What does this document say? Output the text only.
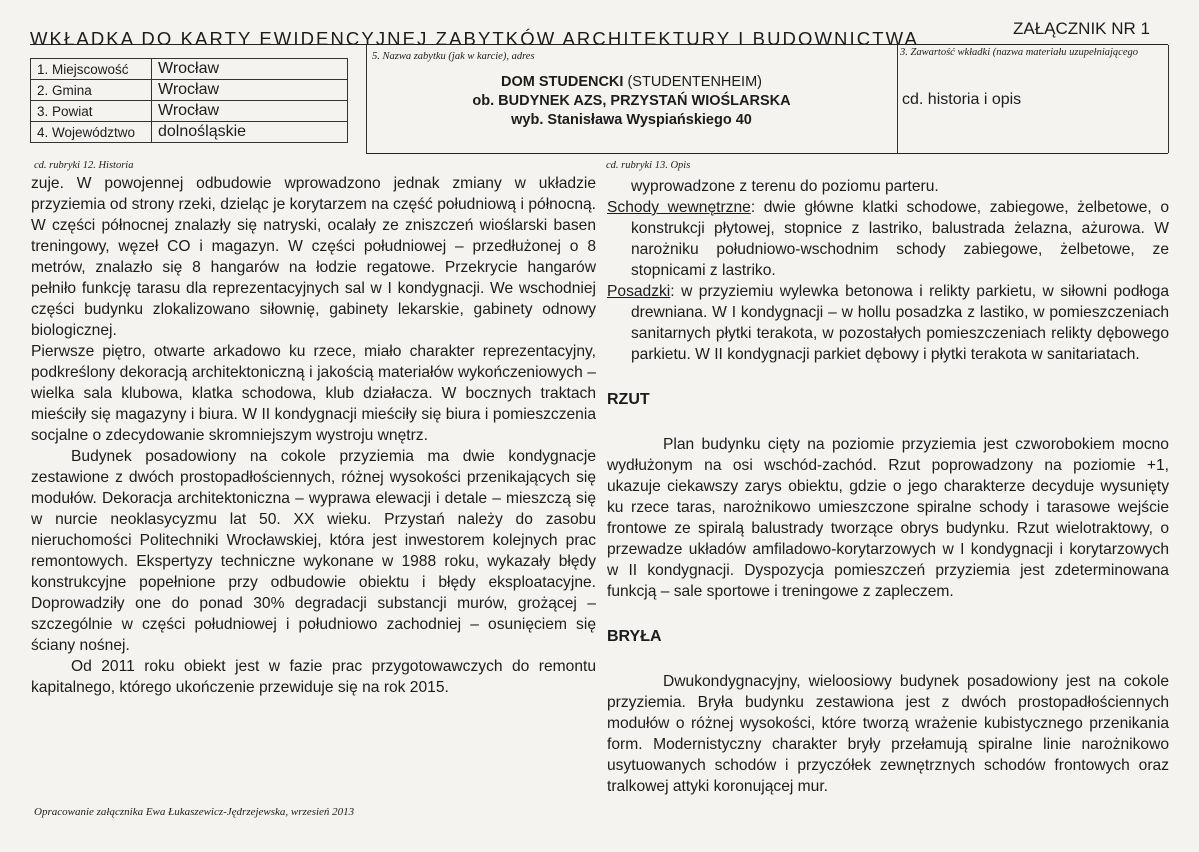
WKŁADKA DO KARTY EWIDENCYJNEJ ZABYTKÓW ARCHITEKTURY I BUDOWNICTWA	ZAŁĄCZNIK NR 1
1. Miejscowość	Wrocław
2. Gmina	Wrocław
3. Powiat	Wrocław
4. Województwo	dolnośląskie
5. Nazwa zabytku (jak w karcie), adres
DOM STUDENCKI (STUDENTENHEIM)
ob. BUDYNEK AZS, PRZYSTAŃ WIOŚLARSKA
wyb. Stanisława Wyspiańskiego 40
3. Zawartość wkładki (nazwa materiału uzupełniającego
cd. historia i opis
cd. rubryki 12. Historia

zuje. W powojennej odbudowie wprowadzono jednak zmiany w układzie przyziemia od strony rzeki, dzieląc je korytarzem na część południową i północną. W części północnej znalazły się natryski, ocalały ze zniszczeń wioślarski basen treningowy, węzeł CO i magazyn. W części południowej – przedłużonej o 8 metrów, znalazło się 8 hangarów na łodzie regatowe. Przekrycie hangarów pełniło funkcję tarasu dla reprezentacyjnych sal w I kondygnacji. We wschodniej części budynku zlokalizowano siłownię, gabinety lekarskie, gabinety odnowy biologicznej.

Pierwsze piętro, otwarte arkadowo ku rzece, miało charakter reprezentacyjny, podkreślony dekoracją architektoniczną i jakością materiałów wykończeniowych – wielka sala klubowa, klatka schodowa, klub działacza. W bocznych traktach mieściły się magazyny i biura. W II kondygnacji mieściły się biura i pomieszczenia socjalne o zdecydowanie skromniejszym wystroju wnętrz.

Budynek posadowiony na cokole przyziemia ma dwie kondygnacje zestawione z dwóch prostopadłościennych, różnej wysokości przenikających się modułów. Dekoracja architektoniczna – wyprawa elewacji i detale – mieszczą się w nurcie neoklasycyzmu lat 50. XX wieku. Przystań należy do zasobu nieruchomości Politechniki Wrocławskiej, która jest inwestorem kolejnych prac remontowych. Ekspertyzy techniczne wykonane w 1988 roku, wykazały błędy konstrukcyjne popełnione przy odbudowie obiektu i błędy eksploatacyjne. Doprowadziły one do ponad 30% degradacji substancji murów, grożącej – szczególnie w części południowej i południowo zachodniej – osunięciem się ściany nośnej.

Od 2011 roku obiekt jest w fazie prac przygotowawczych do remontu kapitalnego, którego ukończenie przewiduje się na rok 2015.

cd. rubryki 13. Opis

wyprowadzone z terenu do poziomu parteru.

Schody wewnętrzne: dwie główne klatki schodowe, zabiegowe, żelbetowe, o konstrukcji płytowej, stopnice z lastriko, balustrada żelazna, ażurowa. W narożniku południowo-wschodnim schody zabiegowe, żelbetowe, ze stopnicami z lastriko.

Posadzki: w przyziemiu wylewka betonowa i relikty parkietu, w siłowni podłoga drewniana. W I kondygnacji – w hollu posadzka z lastiko, w pomieszczeniach sanitarnych płytki terakota, w pozostałych pomieszczeniach relikty dębowego parkietu. W II kondygnacji parkiet dębowy i płytki terakota w sanitariatach.

RZUT

Plan budynku cięty na poziomie przyziemia jest czworobokiem mocno wydłużonym na osi wschód-zachód. Rzut poprowadzony na poziomie +1, ukazuje ciekawszy zarys obiektu, gdzie o jego charakterze decyduje wysunięty ku rzece taras, narożnikowo umieszczone spiralne schody i tarasowe wejście frontowe ze spiralą balustrady tworzące obrys budynku. Rzut wielotraktowy, o przewadze układów amfiladowo-korytarzowych w I kondygnacji i korytarzowych w II kondygnacji. Dyspozycja pomieszczeń przyziemia jest zdeterminowana funkcją – sale sportowe i treningowe z zapleczem.

BRYŁA

Dwukondygnacyjny, wieloosiowy budynek posadowiony jest na cokole przyziemia. Bryła budynku zestawiona jest z dwóch prostopadłościennych modułów o różnej wysokości, które tworzą wrażenie kubistycznego przenikania form. Modernistyczny charakter bryły przełamują spiralne linie narożnikowo usytuowanych schodów i przyczółek zewnętrznych schodów frontowych oraz tralkowej attyki koronującej mur.

Opracowanie załącznika Ewa Łukaszewicz-Jędrzejewska, wrzesień 2013
